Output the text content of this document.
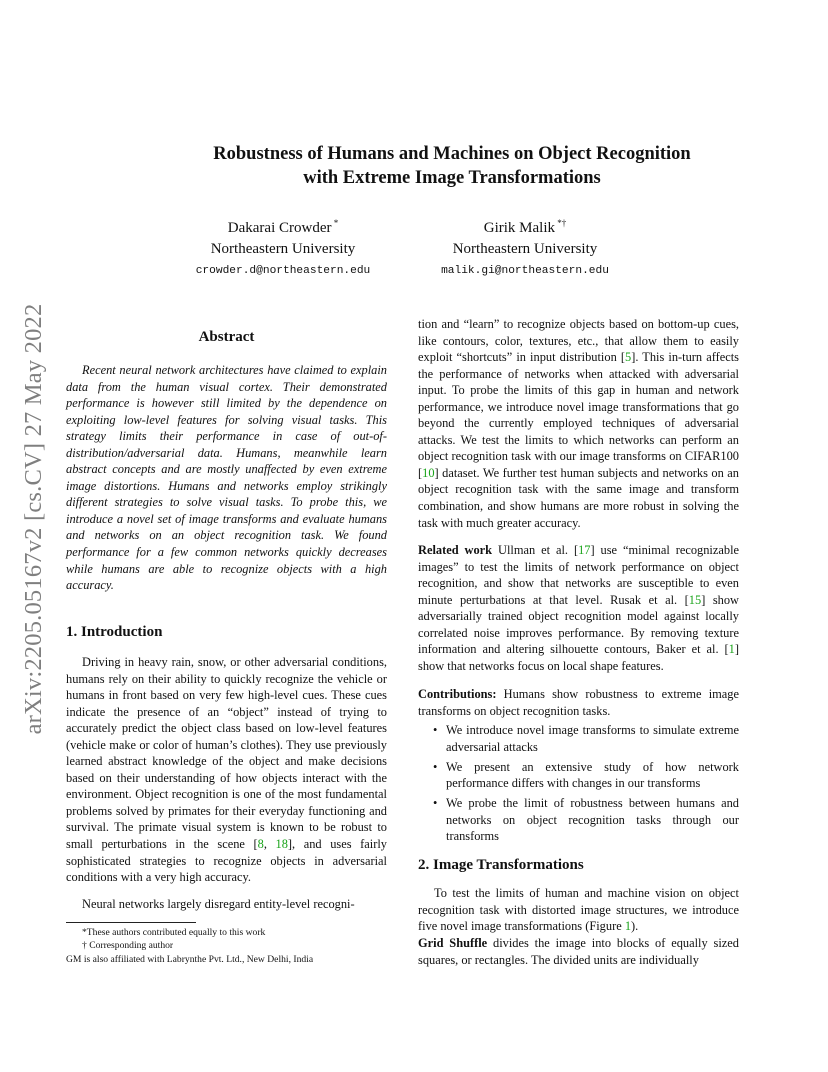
arXiv:2205.05167v2 [cs.CV] 27 May 2022
Robustness of Humans and Machines on Object Recognition
with Extreme Image Transformations
Dakarai Crowder *
Northeastern University
crowder.d@northeastern.edu
Girik Malik *†
Northeastern University
malik.gi@northeastern.edu
Abstract
Recent neural network architectures have claimed to explain data from the human visual cortex. Their demonstrated performance is however still limited by the dependence on exploiting low-level features for solving visual tasks. This strategy limits their performance in case of out-of-distribution/adversarial data. Humans, meanwhile learn abstract concepts and are mostly unaffected by even extreme image distortions. Humans and networks employ strikingly different strategies to solve visual tasks. To probe this, we introduce a novel set of image transforms and evaluate humans and networks on an object recognition task. We found performance for a few common networks quickly decreases while humans are able to recognize objects with a high accuracy.
1. Introduction
Driving in heavy rain, snow, or other adversarial conditions, humans rely on their ability to quickly recognize the vehicle or humans in front based on very few high-level cues. These cues indicate the presence of an “object” instead of trying to accurately predict the object class based on low-level features (vehicle make or color of human’s clothes). They use previously learned abstract knowledge of the object and make decisions based on their understanding of how objects interact with the environment. Object recognition is one of the most fundamental problems solved by primates for their everyday functioning and survival. The primate visual system is known to be robust to small perturbations in the scene [8, 18], and uses fairly sophisticated strategies to recognize objects in adversarial conditions with a very high accuracy.
Neural networks largely disregard entity-level recogni-
*These authors contributed equally to this work
† Corresponding author
GM is also affiliated with Labrynthe Pvt. Ltd., New Delhi, India
tion and “learn” to recognize objects based on bottom-up cues, like contours, color, textures, etc., that allow them to easily exploit “shortcuts” in input distribution [5]. This in-turn affects the performance of networks when attacked with adversarial input. To probe the limits of this gap in human and network performance, we introduce novel image transformations that go beyond the currently employed techniques of adversarial attacks. We test the limits to which networks can perform an object recognition task with our image transforms on CIFAR100 [10] dataset. We further test human subjects and networks on an object recognition task with the same image and transform combination, and show humans are more robust in solving the task with much greater accuracy.
Related work Ullman et al. [17] use “minimal recognizable images” to test the limits of network performance on object recognition, and show that networks are susceptible to even minute perturbations at that level. Rusak et al. [15] show adversarially trained object recognition model against locally correlated noise improves performance. By removing texture information and altering silhouette contours, Baker et al. [1] show that networks focus on local shape features.
Contributions: Humans show robustness to extreme image transforms on object recognition tasks.
• We introduce novel image transforms to simulate extreme adversarial attacks
• We present an extensive study of how network performance differs with changes in our transforms
• We probe the limit of robustness between humans and networks on object recognition tasks through our transforms
2. Image Transformations
To test the limits of human and machine vision on object recognition task with distorted image structures, we introduce five novel image transformations (Figure 1).
Grid Shuffle divides the image into blocks of equally sized squares, or rectangles. The divided units are individually
